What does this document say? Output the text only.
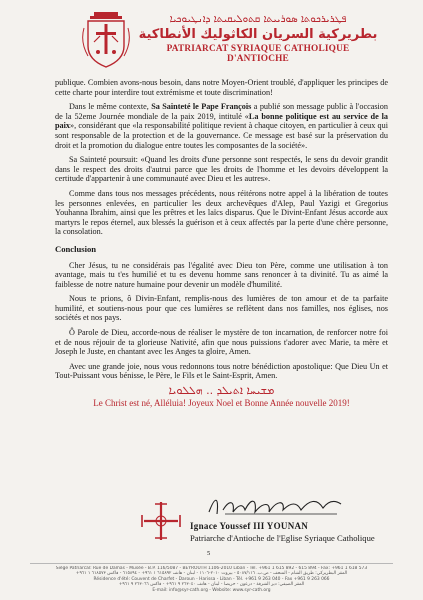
ܦܛܪܝܪܟܘܬܐ ܣܘܪܝܝܬܐ ܩܬܘܠܝܩܝܬܐ ܕܐܢܛܝܘܟܝܐ
بطريركية السريان الكاثوليك الأنطاكية
PATRIARCAT SYRIAQUE CATHOLIQUE D'ANTIOCHE

publique. Combien avons-nous besoin, dans notre Moyen-Orient troublé, d'appliquer les principes de cette charte pour interdire tout extrémisme et toute discrimination!

Dans le même contexte, Sa Sainteté le Pape François a publié son message public à l'occasion de la 52eme Journée mondiale de la paix 2019, intitulé «La bonne politique est au service de la paix», considérant que «la responsabilité politique revient à chaque citoyen, en particulier à ceux qui sont responsable de la protection et de la gouvernance. Ce message est basé sur la préservation du droit et la promotion du dialogue entre toutes les composantes de la société».

Sa Sainteté poursuit: «Quand les droits d'une personne sont respectés, le sens du devoir grandit dans le respect des droits d'autrui parce que les droits de l'homme et les devoirs développent la certitude d'appartenir à une communauté avec Dieu et les autres».

Comme dans tous nos messages précédents, nous réitérons notre appel à la libération de toutes les personnes enlevées, en particulier les deux archevêques d'Alep, Paul Yazigi et Gregorius Youhanna Ibrahim, ainsi que les prêtres et les laïcs disparus. Que le Divint-Enfant Jésus accorde aux martyrs le repos éternel, aux blessés la guérison et à ceux affectés par la perte d'une chère personne, la consolation.

Conclusion

Cher Jésus, tu ne considérais pas l'égalité avec Dieu ton Père, comme une utilisation à ton avantage, mais tu t'es humilié et tu es devenu homme sans renoncer à ta divinité. Tu as aimé la faiblesse de notre nature humaine pour devenir un modèle d'humilité.

Nous te prions, ô Divin-Enfant, remplis-nous des lumières de ton amour et de ta parfaite humilité, et soutiens-nous pour que ces lumières se reflètent dans nos familles, nos églises, nos sociétés et nos pays.

Ô Parole de Dieu, accorde-nous de réaliser le mystère de ton incarnation, de renforcer notre foi et de nous réjouir de ta glorieuse Nativité, afin que nous puissions t'adorer avec Marie, ta mère et Joseph le Juste, en chantant avec les Anges ta gloire, Amen.

Avec une grande joie, nous vous redonnons tous notre bénédiction apostolique: Que Dieu Un et Tout-Puissant vous bénisse, le Père, le Fils et le Saint-Esprit, Amen.

ܡܫܝܚܐ ܐܬܝܠܕ .. ܗܠܠܘܝܐ
Le Christ est né, Alléluia! Joyeux Noel et Bonne Année nouvelle 2019!
Ignace Youssef III YOUNAN
Patriarche d'Antioche de l'Eglise Syriaque Catholique
5
Siège Patriarcal: Rue de Damas - Musée - B.P. 116/5087 - BEYROUTH 1106-2010 Liban - Tél. +961 1 615 892 - 615 894 - Fax: +961 1 618 573
المقر البطريركي: طريق الشام - المتحف - ص.ب. ٥٠٨٧/١١٦ - بيروت ٢٠١٠-١١٠٦ - لبنان - هاتف ٦١٥٨٩٢ ١ ٩٦١+ - ٦١٥٨٩٤ - فاكس ٦١٨٥٧٣ ١ ٩٦١+
Résidence d'été: Couvent de Charfet - Daroun - Harissa - Liban - Tél. +961 9 263 040 - Fax +961 9 263 066
المقر الصيفي: دير الشرفة - درعون - حريصا - لبنان - هاتف ٢٦٣٠٤٠ ٩ ٩٦١+ - فاكس ٢٦٣٠٦٦ ٩ ٩٦١+
E-mail: info@syr-cath.org - Website: www.syr-cath.org
